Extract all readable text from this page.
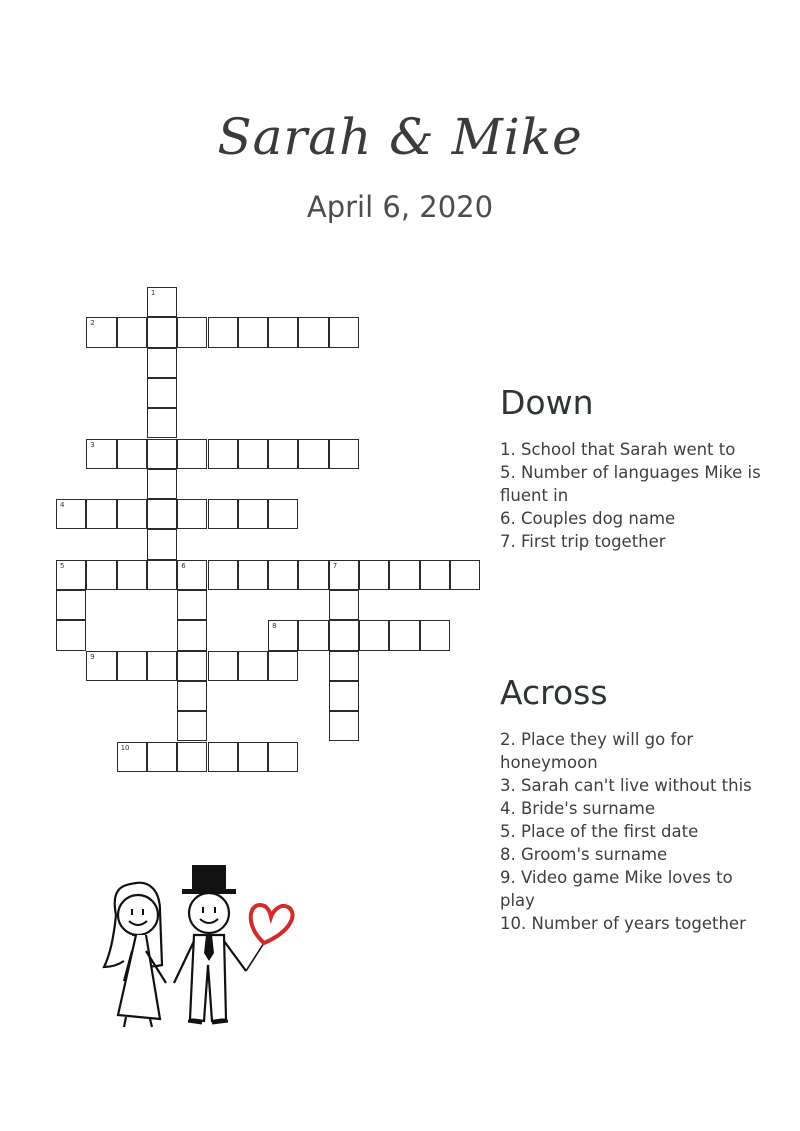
Sarah & Mike
April 6, 2020
1
2
3
4
5	6	7
8
9
10
Down
1. School that Sarah went to
5. Number of languages Mike is fluent in
6. Couples dog name
7. First trip together
Across
2. Place they will go for honeymoon
3. Sarah can't live without this
4. Bride's surname
5. Place of the first date
8. Groom's surname
9. Video game Mike loves to play
10. Number of years together
